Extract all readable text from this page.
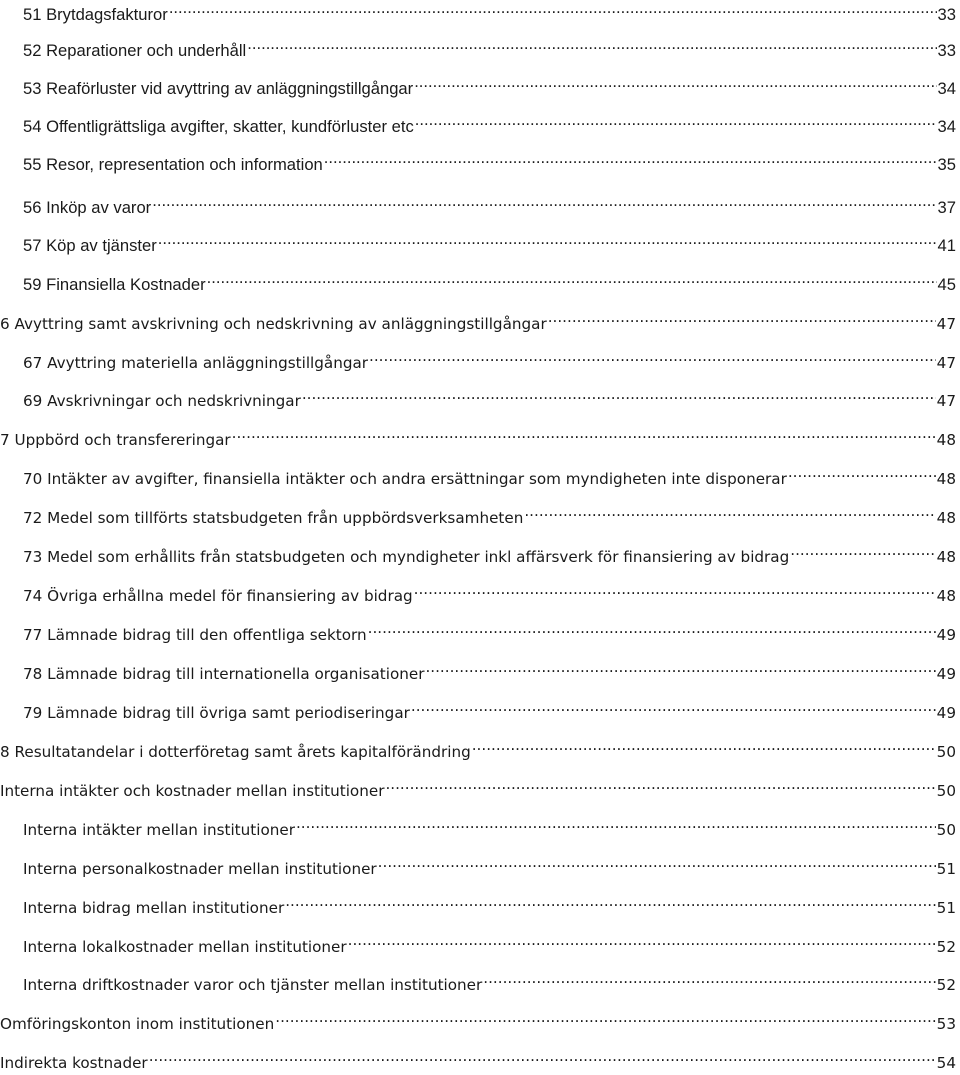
51 Brytdagsfakturor .....	33
52 Reparationer och underhåll .....	33
53 Reaförluster vid avyttring av anläggningstillgångar .....	34
54 Offentligrättsliga avgifter, skatter, kundförluster etc .....	34
55 Resor, representation och information .....	35
56 Inköp av varor .....	37
57 Köp av tjänster .....	41
59 Finansiella Kostnader .....	45
6 Avyttring samt avskrivning och nedskrivning av anläggningstillgångar .....	47
67 Avyttring materiella anläggningstillgångar .....	47
69 Avskrivningar och nedskrivningar .....	47
7 Uppbörd och transfereringar .....	48
70 Intäkter av avgifter, finansiella intäkter och andra ersättningar som myndigheten inte disponerar .....	48
72 Medel som tillförts statsbudgeten från uppbördsverksamheten .....	48
73 Medel som erhållits från statsbudgeten och myndigheter inkl affärsverk för finansiering av bidrag .....	48
74 Övriga erhållna medel för finansiering av bidrag .....	48
77 Lämnade bidrag till den offentliga sektorn .....	49
78 Lämnade bidrag till internationella organisationer .....	49
79 Lämnade bidrag till övriga samt periodiseringar .....	49
8 Resultatandelar i dotterföretag samt årets kapitalförändring .....	50
Interna intäkter och kostnader mellan institutioner .....	50
Interna intäkter mellan institutioner .....	50
Interna personalkostnader mellan institutioner .....	51
Interna bidrag mellan institutioner .....	51
Interna lokalkostnader mellan institutioner .....	52
Interna driftkostnader varor och tjänster mellan institutioner .....	52
Omföringskonton inom institutionen .....	53
Indirekta kostnader .....	54
